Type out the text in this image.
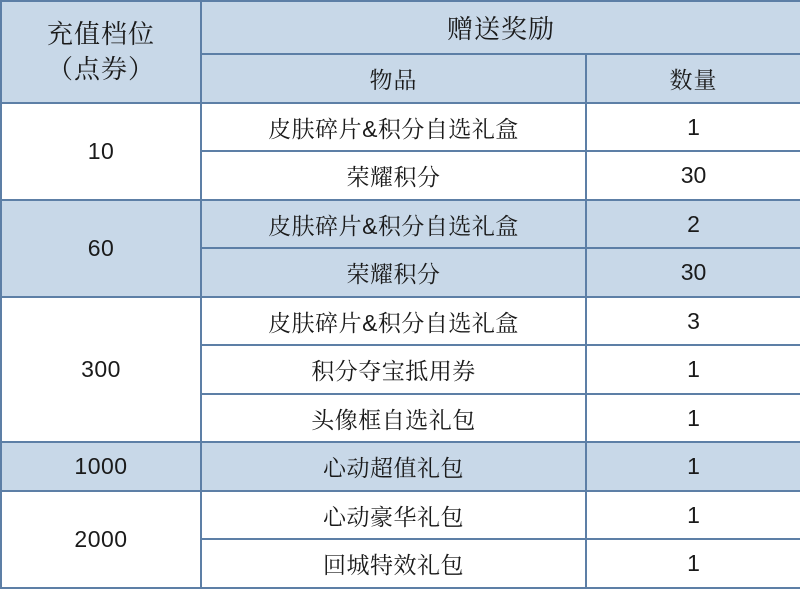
充值档位
（点券）	赠送奖励	
	物品	数量
10	皮肤碎片&积分自选礼盒	1
	荣耀积分	30
60	皮肤碎片&积分自选礼盒	2
	荣耀积分	30
300	皮肤碎片&积分自选礼盒	3
	积分夺宝抵用券	1
	头像框自选礼包	1
1000	心动超值礼包	1
2000	心动豪华礼包	1
	回城特效礼包	1
